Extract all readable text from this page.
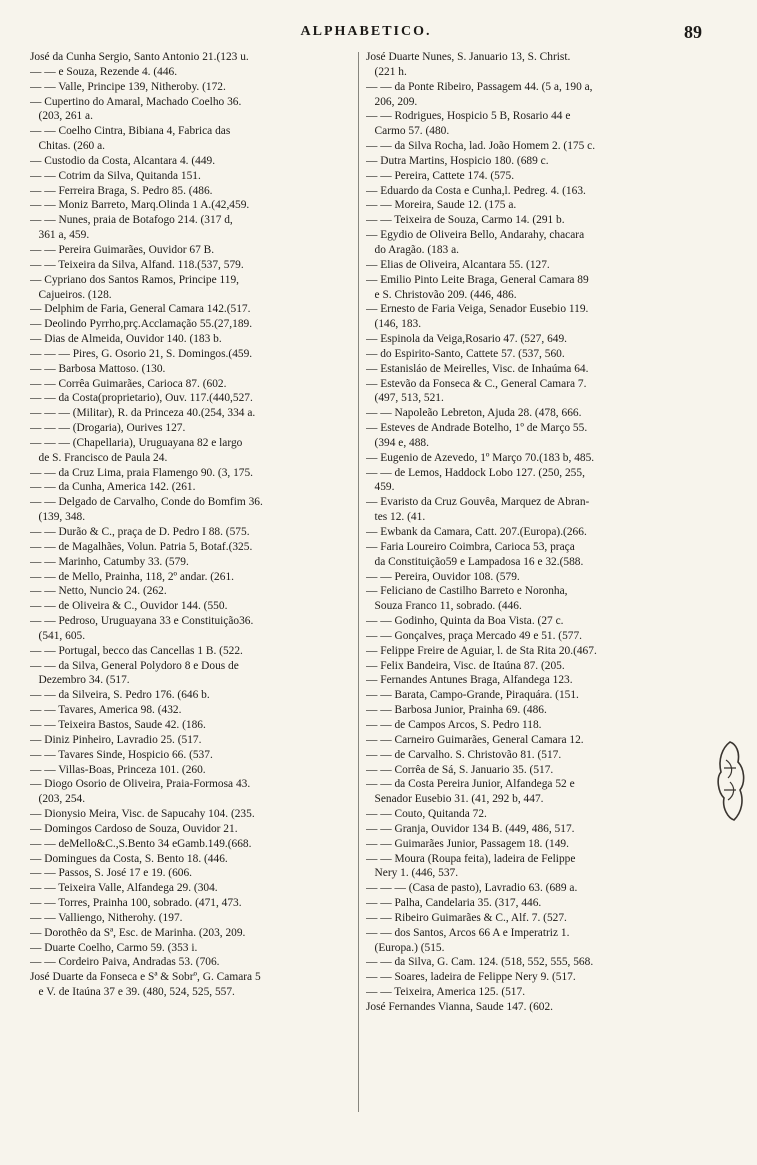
ALPHABETICO.	89
José da Cunha Sergio, Santo Antonio 21.(123 u.
— — e Souza, Rezende 4. (446.
— — Valle, Principe 139, Nitheroby. (172.
— Cupertino do Amaral, Machado Coelho 36.
(203, 261 a.
— — Coelho Cintra, Bibiana 4, Fabrica das
Chitas. (260 a.
— Custodio da Costa, Alcantara 4. (449.
— — Cotrim da Silva, Quitanda 151.
— — Ferreira Braga, S. Pedro 85. (486.
— — Moniz Barreto, Marq.Olinda 1 A.(42,459.
— — Nunes, praia de Botafogo 214. (317 d,
361 a, 459.
— — Pereira Guimarães, Ouvidor 67 B.
— — Teixeira da Silva, Alfand. 118.(537, 579.
— Cypriano dos Santos Ramos, Principe 119,
Cajueiros. (128.
— Delphim de Faria, General Camara 142.(517.
— Deolindo Pyrrho,prç.Acclamação 55.(27,189.
— Dias de Almeida, Ouvidor 140. (183 b.
— — — Pires, G. Osorio 21, S. Domingos.(459.
— — Barbosa Mattoso. (130.
— — Corrêa Guimarães, Carioca 87. (602.
— — da Costa(proprietario), Ouv. 117.(440,527.
— — — (Militar), R. da Princeza 40.(254, 334 a.
— — — (Drogaria), Ourives 127.
— — — (Chapellaria), Uruguayana 82 e largo
de S. Francisco de Paula 24.
— — da Cruz Lima, praia Flamengo 90. (3, 175.
— — da Cunha, America 142. (261.
— — Delgado de Carvalho, Conde do Bomfim 36.
(139, 348.
— — Durão & C., praça de D. Pedro I 88. (575.
— — de Magalhães, Volun. Patria 5, Botaf.(325.
— — Marinho, Catumby 33. (579.
— — de Mello, Prainha, 118, 2º andar. (261.
— — Netto, Nuncio 24. (262.
— — de Oliveira & C., Ouvidor 144. (550.
— — Pedroso, Uruguayana 33 e Constituição36.
(541, 605.
— — Portugal, becco das Cancellas 1 B. (522.
— — da Silva, General Polydoro 8 e Dous de
Dezembro 34. (517.
— — da Silveira, S. Pedro 176. (646 b.
— — Tavares, America 98. (432.
— — Teixeira Bastos, Saude 42. (186.
— Diniz Pinheiro, Lavradio 25. (517.
— — Tavares Sinde, Hospicio 66. (537.
— — Villas-Boas, Princeza 101. (260.
— Diogo Osorio de Oliveira, Praia-Formosa 43.
(203, 254.
— Dionysio Meira, Visc. de Sapucahy 104. (235.
— Domingos Cardoso de Souza, Ouvidor 21.
— — deMello&C.,S.Bento 34 eGamb.149.(668.
— Domingues da Costa, S. Bento 18. (446.
— — Passos, S. José 17 e 19. (606.
— — Teixeira Valle, Alfandega 29. (304.
— — Torres, Prainha 100, sobrado. (471, 473.
— — Valliengo, Nitherohy. (197.
— Dorothêo da Sª, Esc. de Marinha. (203, 209.
— Duarte Coelho, Carmo 59. (353 i.
— — Cordeiro Paiva, Andradas 53. (706.
José Duarte da Fonseca e Sª & Sobrº, G. Camara 5
e V. de Itaúna 37 e 39. (480, 524, 525, 557.
José Duarte Nunes, S. Januario 13, S. Christ.
(221 h.
— — da Ponte Ribeiro, Passagem 44. (5 a, 190 a,
206, 209.
— — Rodrigues, Hospicio 5 B, Rosario 44 e
Carmo 57. (480.
— — da Silva Rocha, lad. João Homem 2. (175 c.
— Dutra Martins, Hospicio 180. (689 c.
— — Pereira, Cattete 174. (575.
— Eduardo da Costa e Cunha,l. Pedreg. 4. (163.
— — Moreira, Saude 12. (175 a.
— — Teixeira de Souza, Carmo 14. (291 b.
— Egydio de Oliveira Bello, Andarahy, chacara
do Aragão. (183 a.
— Elias de Oliveira, Alcantara 55. (127.
— Emilio Pinto Leite Braga, General Camara 89
e S. Christovão 209. (446, 486.
— Ernesto de Faria Veiga, Senador Eusebio 119.
(146, 183.
— Espinola da Veiga,Rosario 47. (527, 649.
— do Espirito-Santo, Cattete 57. (537, 560.
— Estanisláo de Meirelles, Visc. de Inhaúma 64.
— Estevão da Fonseca & C., General Camara 7.
(497, 513, 521.
— — Napoleão Lebreton, Ajuda 28. (478, 666.
— Esteves de Andrade Botelho, 1º de Março 55.
(394 e, 488.
— Eugenio de Azevedo, 1º Março 70.(183 b, 485.
— — de Lemos, Haddock Lobo 127. (250, 255,
459.
— Evaristo da Cruz Gouvêa, Marquez de Abran-
tes 12. (41.
— Ewbank da Camara, Catt. 207.(Europa).(266.
— Faria Loureiro Coimbra, Carioca 53, praça
da Constituição59 e Lampadosa 16 e 32.(588.
— — Pereira, Ouvidor 108. (579.
— Feliciano de Castilho Barreto e Noronha,
Souza Franco 11, sobrado. (446.
— — Godinho, Quinta da Boa Vista. (27 c.
— — Gonçalves, praça Mercado 49 e 51. (577.
— Felippe Freire de Aguiar, l. de Sta Rita 20.(467.
— Felix Bandeira, Visc. de Itaúna 87. (205.
— Fernandes Antunes Braga, Alfandega 123.
— — Barata, Campo-Grande, Piraquára. (151.
— — Barbosa Junior, Prainha 69. (486.
— — de Campos Arcos, S. Pedro 118.
— — Carneiro Guimarães, General Camara 12.
— — de Carvalho. S. Christovão 81. (517.
— — Corrêa de Sá, S. Januario 35. (517.
— — da Costa Pereira Junior, Alfandega 52 e
Senador Eusebio 31. (41, 292 b, 447.
— — Couto, Quitanda 72.
— — Granja, Ouvidor 134 B. (449, 486, 517.
— — Guimarães Junior, Passagem 18. (149.
— — Moura (Roupa feita), ladeira de Felippe
Nery 1. (446, 537.
— — — (Casa de pasto), Lavradio 63. (689 a.
— — Palha, Candelaria 35. (317, 446.
— — Ribeiro Guimarães & C., Alf. 7. (527.
— — dos Santos, Arcos 66 A e Imperatriz 1.
(Europa.) (515.
— — da Silva, G. Cam. 124. (518, 552, 555, 568.
— — Soares, ladeira de Felippe Nery 9. (517.
— — Teixeira, America 125. (517.
José Fernandes Vianna, Saude 147. (602.
